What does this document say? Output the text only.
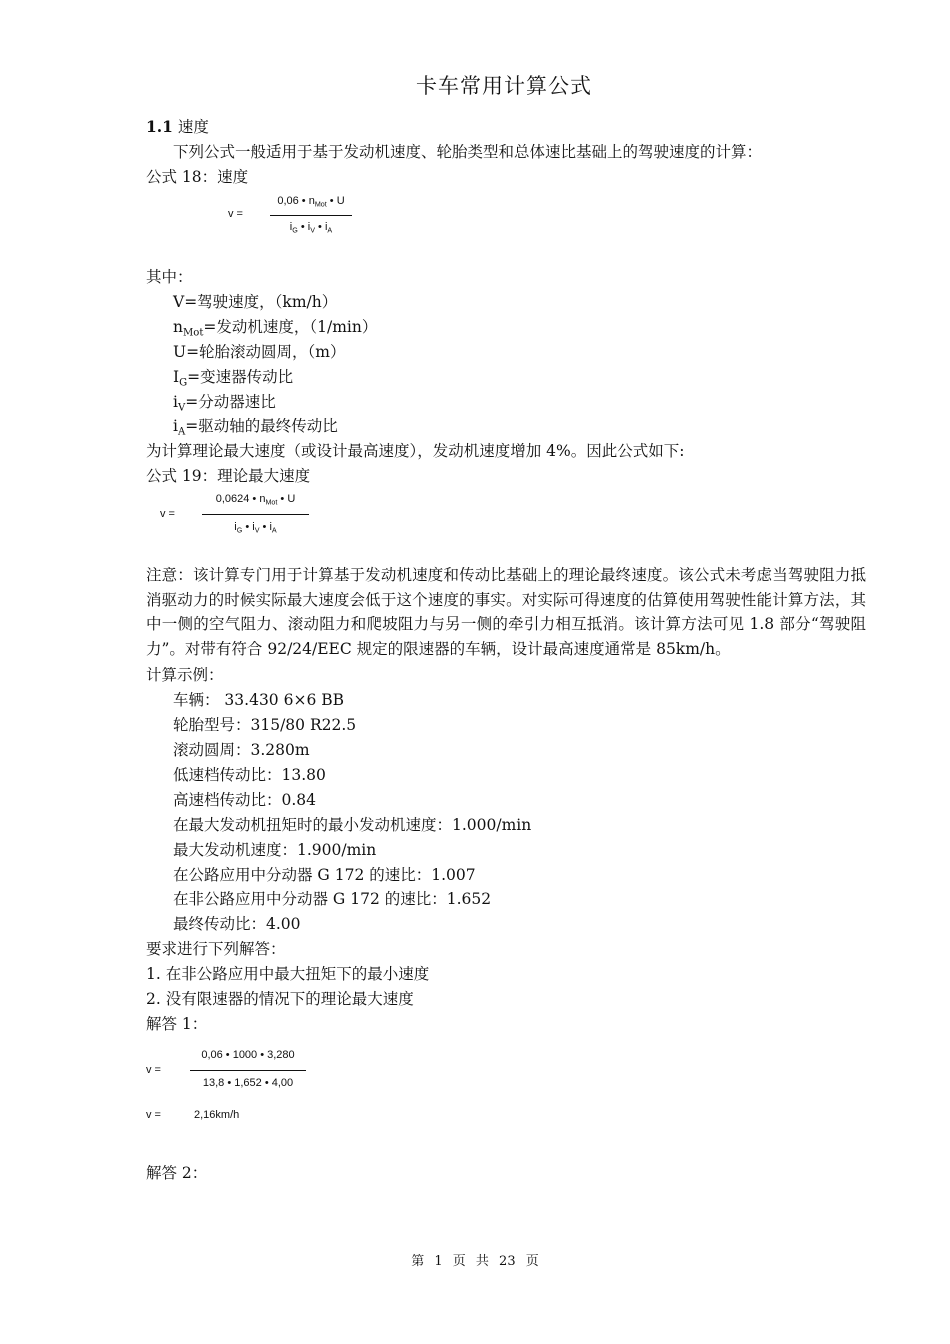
卡车常用计算公式
1.1 速度
下列公式一般适用于基于发动机速度、轮胎类型和总体速比基础上的驾驶速度的计算：
公式 18：速度
v =
0,06 • $n_{Mot}$ • U
$i_G$ • $i_V$ • $i_A$
其中：
V=驾驶速度，（km/h）
$n_{Mot}=$发动机速度，（1/min）
U=轮胎滚动圆周，（m）
$I_G=$变速器传动比
$i_V=$分动器速比
$i_A=$驱动轴的最终传动比
为计算理论最大速度（或设计最高速度），发动机速度增加 4%。因此公式如下:
公式 19：理论最大速度
v =
0,0624 • $n_{Mot}$ • U
$i_G$ • $i_V$ • $i_A$
注意：该计算专门用于计算基于发动机速度和传动比基础上的理论最终速度。该公式未考虑当驾驶阻力抵消驱动力的时候实际最大速度会低于这个速度的事实。对实际可得速度的估算使用驾驶性能计算方法，其中一侧的空气阻力、滚动阻力和爬坡阻力与另一侧的牵引力相互抵消。该计算方法可见 1.8 部分“驾驶阻力”。对带有符合 92/24/EEC 规定的限速器的车辆，设计最高速度通常是 85km/h。
计算示例：
车辆： 33.430 6×6 BB
轮胎型号：315/80 R22.5
滚动圆周：3.280m
低速档传动比：13.80
高速档传动比：0.84
在最大发动机扭矩时的最小发动机速度：1.000/min
最大发动机速度：1.900/min
在公路应用中分动器 G 172 的速比：1.007
在非公路应用中分动器 G 172 的速比：1.652
最终传动比：4.00
要求进行下列解答：
1. 在非公路应用中最大扭矩下的最小速度
2. 没有限速器的情况下的理论最大速度
解答 1：
v =
0,06 • 1000 • 3,280
13,8 • 1,652 • 4,00
v =	2,16km/h
解答 2：
第 1 页 共 23 页
